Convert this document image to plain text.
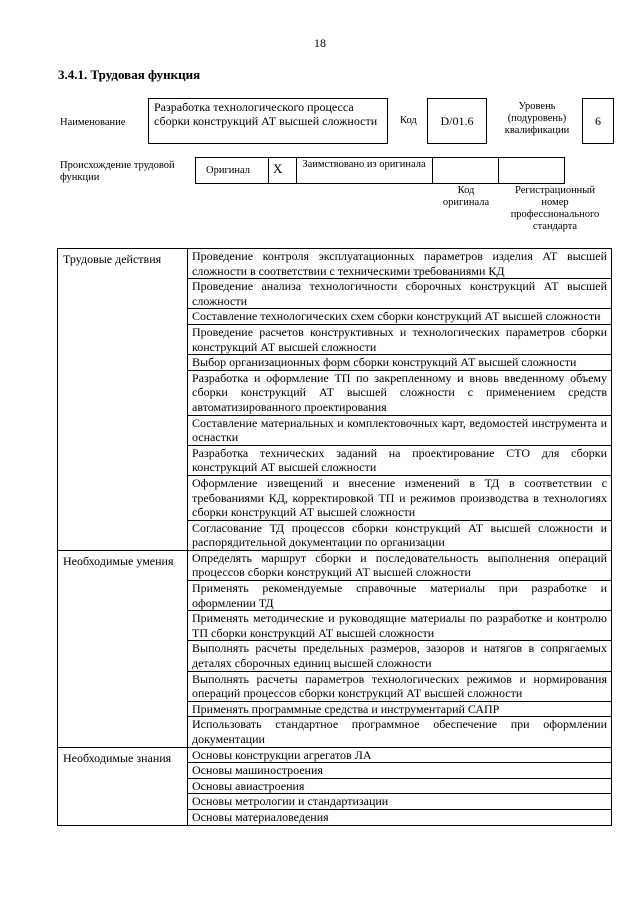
18
3.4.1. Трудовая функция
Наименование
Разработка технологического процесса сборки конструкций АТ высшей сложности	Код	D/01.6
Уровень (подуровень) квалификации
6
Происхождение трудовой функции
Оригинал X Заимствовано из оригинала
Код оригинала
Регистрационный номер профессионального стандарта
Трудовые действия	Проведение контроля эксплуатационных параметров изделия АТ высшей сложности в соответствии с техническими требованиями КД
	Проведение анализа технологичности сборочных конструкций АТ высшей сложности
	Составление технологических схем сборки конструкций АТ высшей сложности
	Проведение расчетов конструктивных и технологических параметров сборки конструкций АТ высшей сложности
	Выбор организационных форм сборки конструкций АТ высшей сложности
	Разработка и оформление ТП по закрепленному и вновь введенному объему сборки конструкций АТ высшей сложности с применением средств автоматизированного проектирования
	Составление материальных и комплектовочных карт, ведомостей инструмента и оснастки
	Разработка технических заданий на проектирование СТО для сборки конструкций АТ высшей сложности
	Оформление извещений и внесение изменений в ТД в соответствии с требованиями КД, корректировкой ТП и режимов производства в технологиях сборки конструкций АТ высшей сложности
	Согласование ТД процессов сборки конструкций АТ высшей сложности и распорядительной документации по организации
Необходимые умения	Определять маршрут сборки и последовательность выполнения операций процессов сборки конструкций АТ высшей сложности
	Применять рекомендуемые справочные материалы при разработке и оформлении ТД
	Применять методические и руководящие материалы по разработке и контролю ТП сборки конструкций АТ высшей сложности
	Выполнять расчеты предельных размеров, зазоров и натягов в сопрягаемых деталях сборочных единиц высшей сложности
	Выполнять расчеты параметров технологических режимов и нормирования операций процессов сборки конструкций АТ высшей сложности
	Применять программные средства и инструментарий САПР
	Использовать стандартное программное обеспечение при оформлении документации
Необходимые знания	Основы конструкции агрегатов ЛА
	Основы машиностроения
	Основы авиастроения
	Основы метрологии и стандартизации
	Основы материаловедения
